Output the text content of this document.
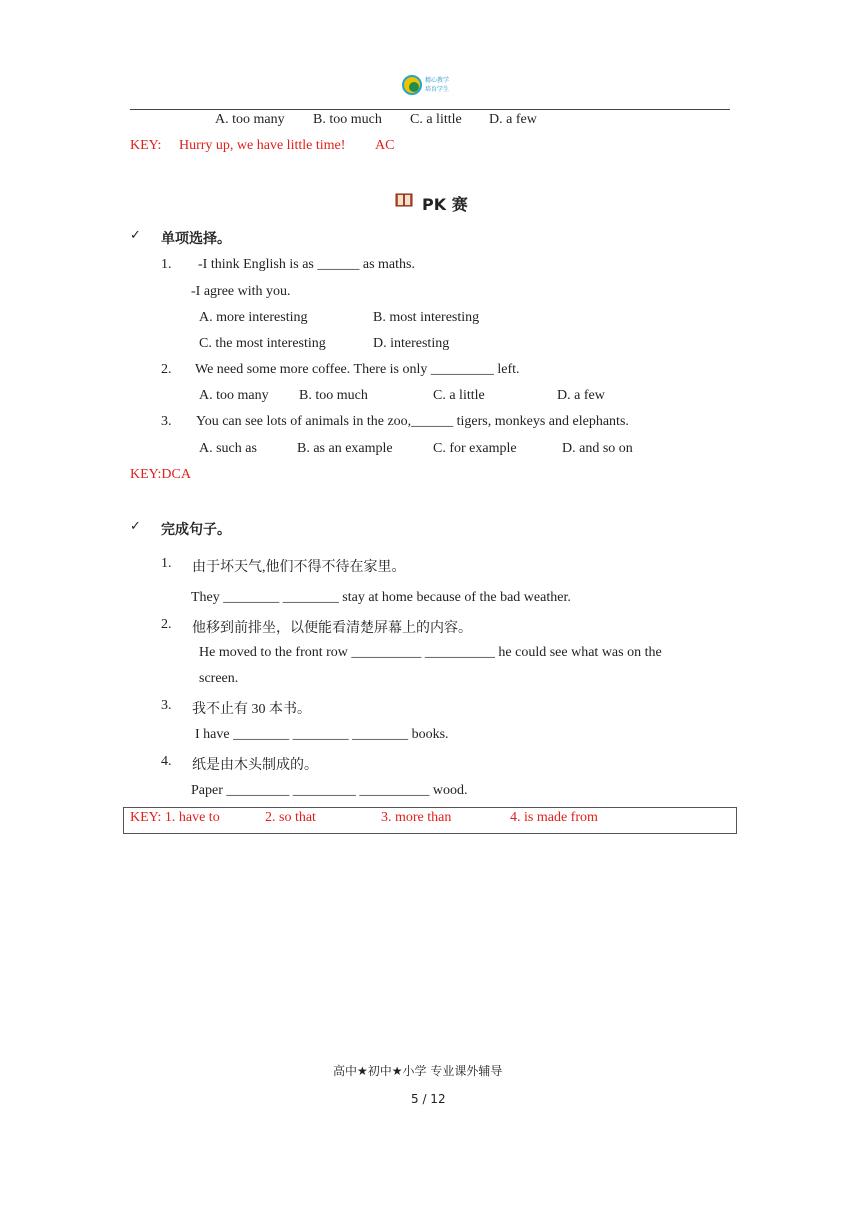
精心教学
培育学生
A. too many B. too much C. a little D. a few
KEY: Hurry up, we have little time! AC
PK 赛
✓ 单项选择。
1. -I think English is as ______ as maths.
-I agree with you.
A. more interesting	B. most interesting
C. the most interesting	D. interesting
2. We need some more coffee. There is only _________ left.
A. too many B. too much	C. a little	D. a few
3. You can see lots of animals in the zoo,______ tigers, monkeys and elephants.
A. such as	B. as an example	C. for example	D. and so on
KEY:DCA
✓ 完成句子。
1. 由于坏天气,他们不得不待在家里。
They ________ ________ stay at home because of the bad weather.
2. 他移到前排坐，以便能看清楚屏幕上的内容。
He moved to the front row __________ __________ he could see what was on the
screen.
3. 我不止有 30 本书。
I have ________ ________ ________ books.
4. 纸是由木头制成的。
Paper _________ _________ __________ wood.
KEY: 1. have to	2. so that	3. more than	4. is made from
高中★初中★小学 专业课外辅导
5 / 12
